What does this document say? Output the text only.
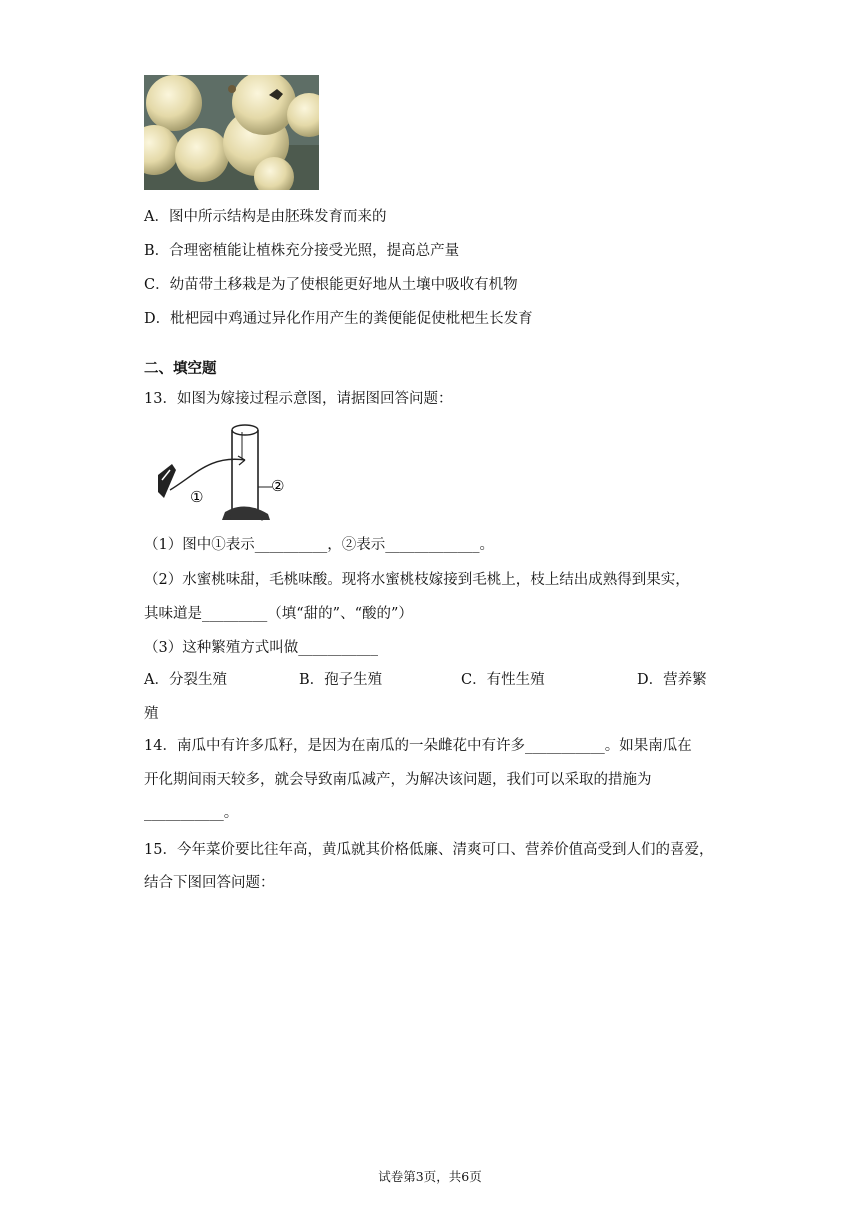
A．图中所示结构是由胚珠发育而来的
B．合理密植能让植株充分接受光照，提高总产量
C．幼苗带土移栽是为了使根能更好地从土壤中吸收有机物
D．枇杷园中鸡通过异化作用产生的粪便能促使枇杷生长发育
二、填空题
13．如图为嫁接过程示意图，请据图回答问题：
①
②
（1）图中①表示__________，②表示_____________。
（2）水蜜桃味甜，毛桃味酸。现将水蜜桃枝嫁接到毛桃上，枝上结出成熟得到果实，
其味道是_________（填“甜的”、“酸的”）
（3）这种繁殖方式叫做___________
A．分裂生殖	B．孢子生殖	C．有性生殖	D．营养繁
殖
14．南瓜中有许多瓜籽，是因为在南瓜的一朵雌花中有许多___________。如果南瓜在
开化期间雨天较多，就会导致南瓜减产，为解决该问题，我们可以采取的措施为
___________。
15．今年菜价要比往年高，黄瓜就其价格低廉、清爽可口、营养价值高受到人们的喜爱，
结合下图回答问题：
试卷第3页，共6页
